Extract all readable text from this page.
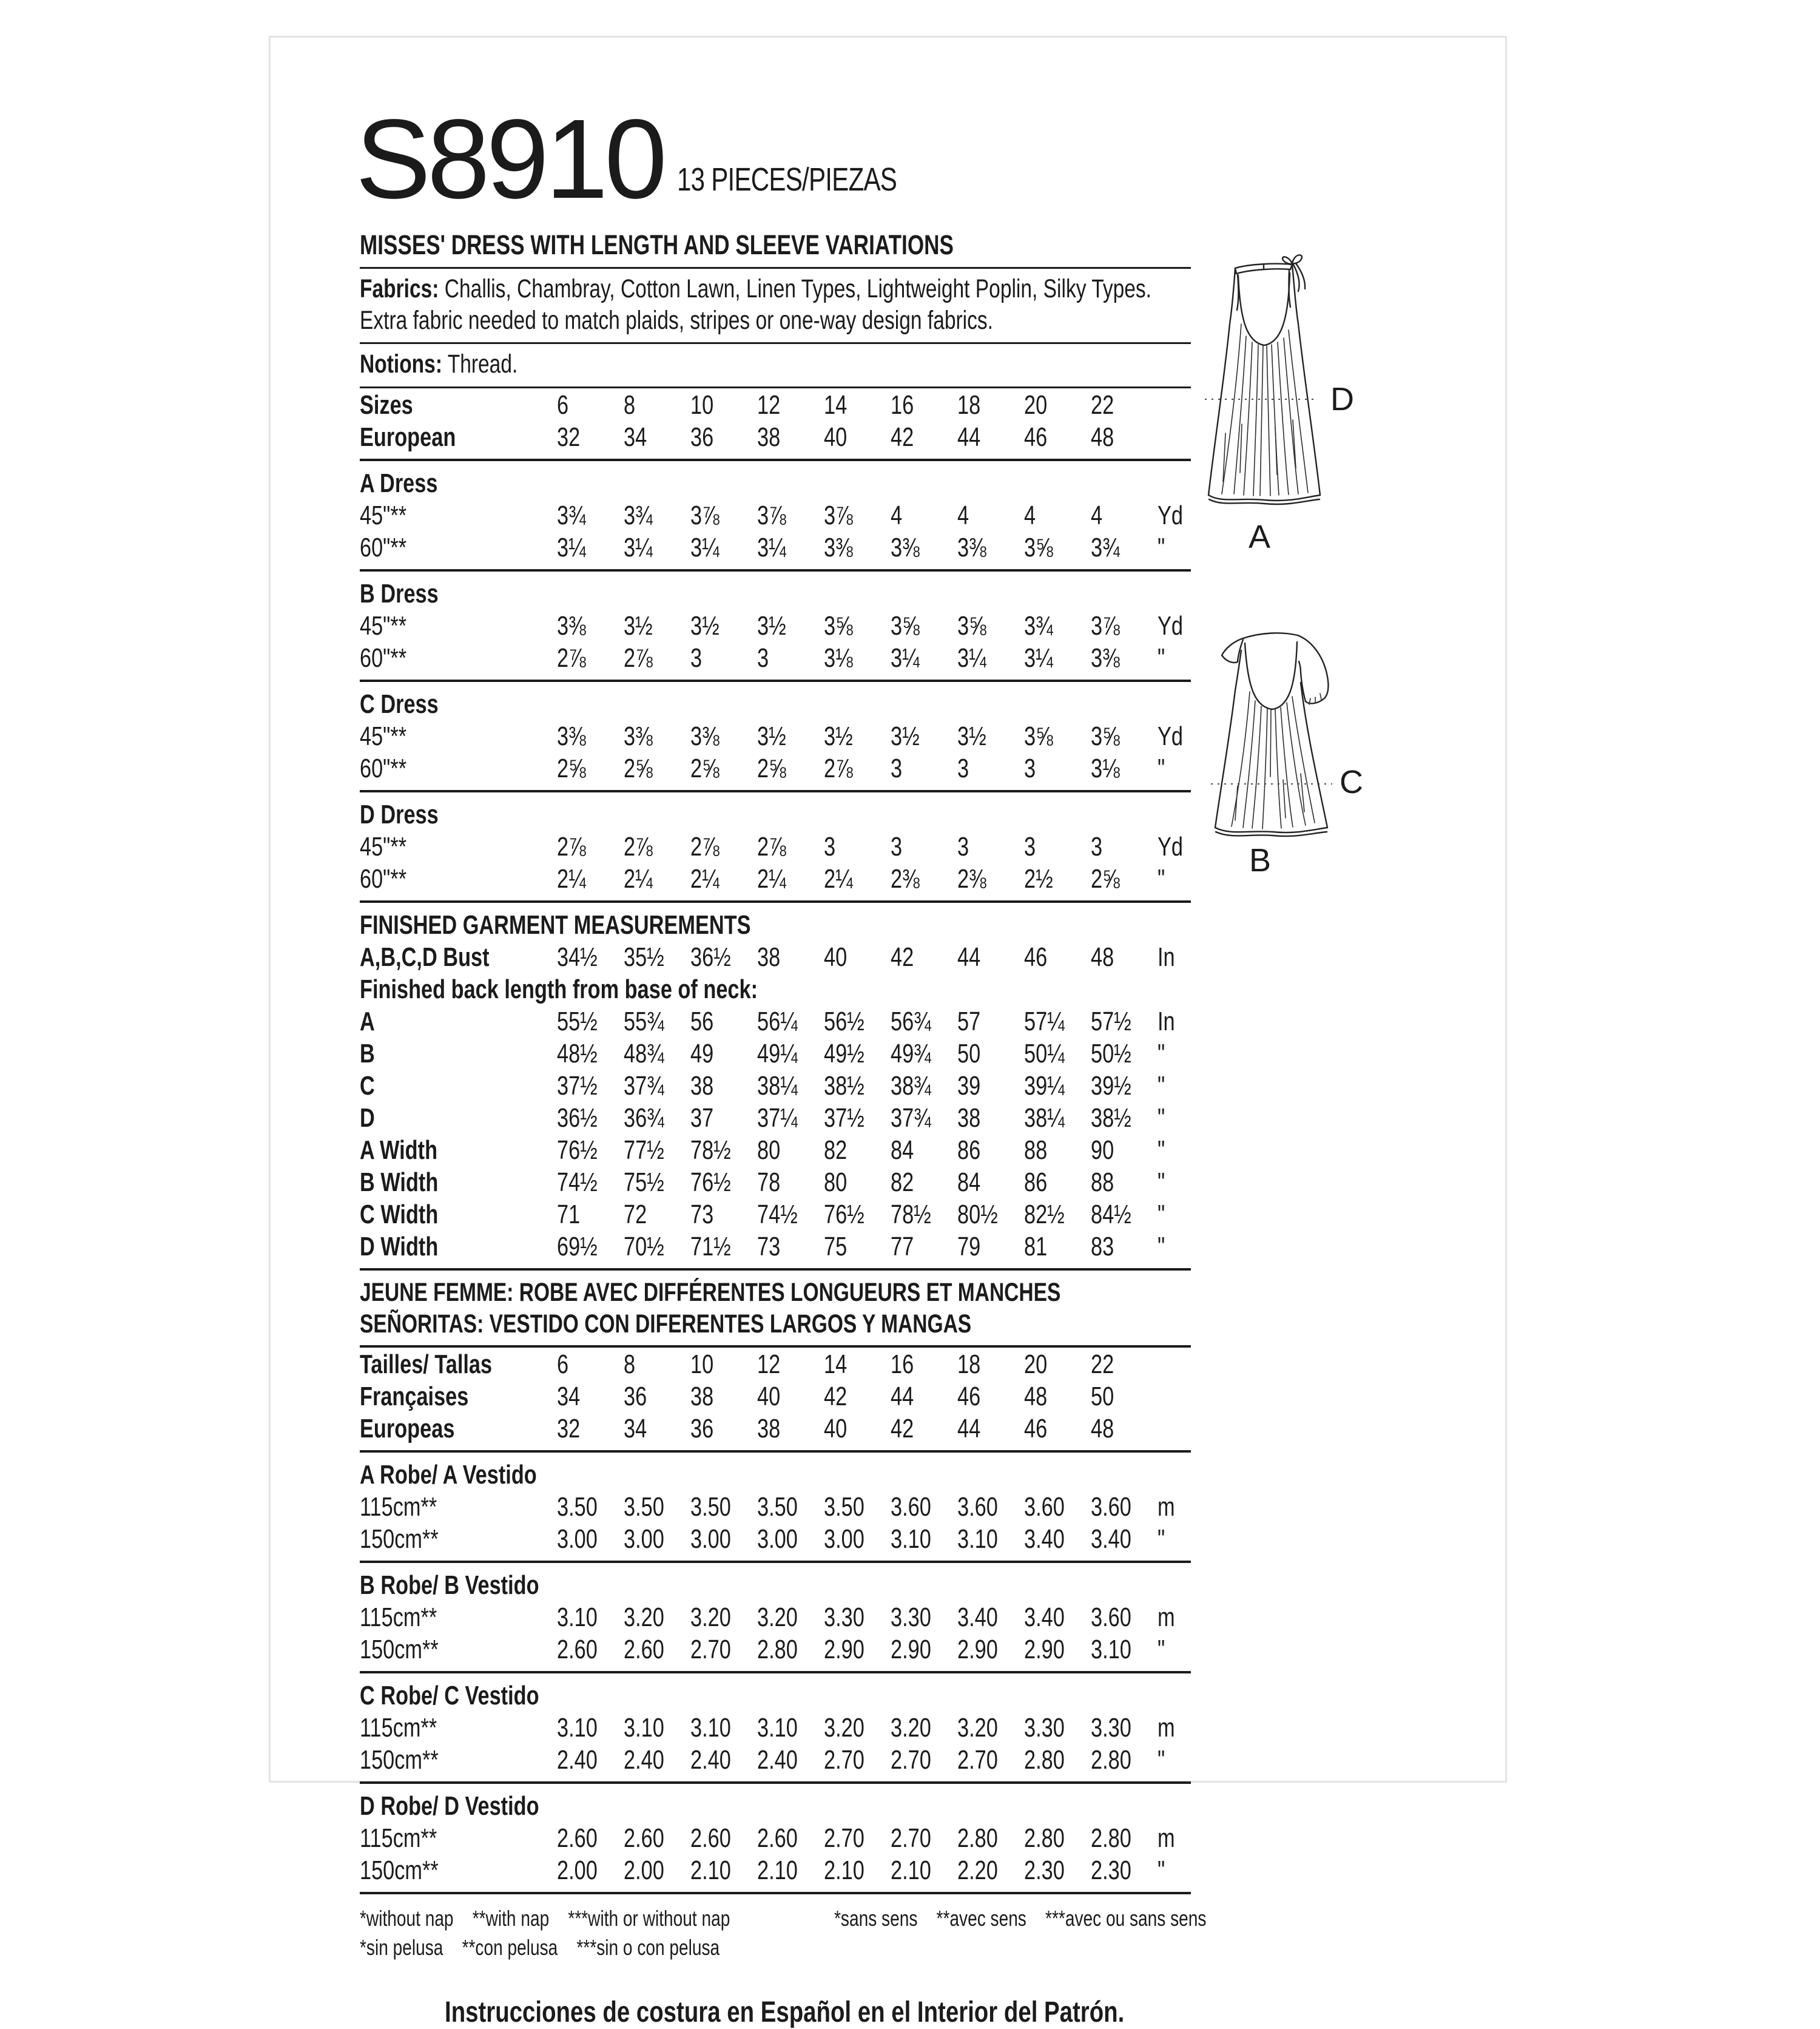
S8910 13 PIECES/PIEZAS
MISSES' DRESS WITH LENGTH AND SLEEVE VARIATIONS
Fabrics: Challis, Chambray, Cotton Lawn, Linen Types, Lightweight Poplin, Silky Types.
Extra fabric needed to match plaids, stripes or one-way design fabrics.
Notions: Thread.
Sizes	6	8	10	12	14	16	18	20	22
European	32	34	36	38	40	42	44	46	48
A Dress
45"**	3¾	3¾	3⅞	3⅞	3⅞	4	4	4	4	Yd
60"**	3¼	3¼	3¼	3¼	3⅜	3⅜	3⅜	3⅝	3¾	"
B Dress
45"**	3⅜	3½	3½	3½	3⅝	3⅝	3⅝	3¾	3⅞	Yd
60"**	2⅞	2⅞	3	3	3⅛	3¼	3¼	3¼	3⅜	"
C Dress
45"**	3⅜	3⅜	3⅜	3½	3½	3½	3½	3⅝	3⅝	Yd
60"**	2⅝	2⅝	2⅝	2⅝	2⅞	3	3	3	3⅛	"
D Dress
45"**	2⅞	2⅞	2⅞	2⅞	3	3	3	3	3	Yd
60"**	2¼	2¼	2¼	2¼	2¼	2⅜	2⅜	2½	2⅝	"
FINISHED GARMENT MEASUREMENTS
A,B,C,D Bust	34½ 35½ 36½ 38	40	42	44	46	48	In
Finished back length from base of neck:
A	55½ 55¾ 56	56¼ 56½ 56¾ 57	57¼ 57½ In
B	48½ 48¾ 49	49¼ 49½ 49¾ 50	50¼ 50½ "
C	37½ 37¾ 38	38¼ 38½ 38¾ 39	39¼ 39½ "
D	36½ 36¾ 37	37¼ 37½ 37¾ 38	38¼ 38½ "
A Width	76½ 77½ 78½ 80	82	84	86	88	90	"
B Width	74½ 75½ 76½ 78	80	82	84	86	88	"
C Width	71	72	73	74½ 76½ 78½ 80½ 82½ 84½ "
D Width	69½ 70½ 71½ 73	75	77	79	81	83	"
JEUNE FEMME: ROBE AVEC DIFFÉRENTES LONGUEURS ET MANCHES
SEÑORITAS: VESTIDO CON DIFERENTES LARGOS Y MANGAS
Tailles/ Tallas	6	8	10	12	14	16	18	20	22
Françaises	34	36	38	40	42	44	46	48	50
Europeas	32	34	36	38	40	42	44	46	48
A Robe/ A Vestido
115cm**	3.50 3.50 3.50 3.50 3.50 3.60 3.60 3.60 3.60 m
150cm**	3.00 3.00 3.00 3.00 3.00 3.10 3.10 3.40 3.40 "
B Robe/ B Vestido
115cm**	3.10 3.20 3.20 3.20 3.30 3.30 3.40 3.40 3.60 m
150cm**	2.60 2.60 2.70 2.80 2.90 2.90 2.90 2.90 3.10 "
C Robe/ C Vestido
115cm**	3.10 3.10 3.10 3.10 3.20 3.20 3.20 3.30 3.30 m
150cm**	2.40 2.40 2.40 2.40 2.70 2.70 2.70 2.80 2.80 "
D Robe/ D Vestido
115cm**	2.60 2.60 2.60 2.60 2.70 2.70 2.80 2.80 2.80 m
150cm**	2.00 2.00 2.10 2.10 2.10 2.10 2.20 2.30 2.30 "
*without nap    **with nap    ***with or without nap	*sans sens    **avec sens    ***avec ou sans sens
*sin pelusa    **con pelusa    ***sin o con pelusa
Instrucciones de costura en Español en el Interior del Patrón.
D
A
C
B
